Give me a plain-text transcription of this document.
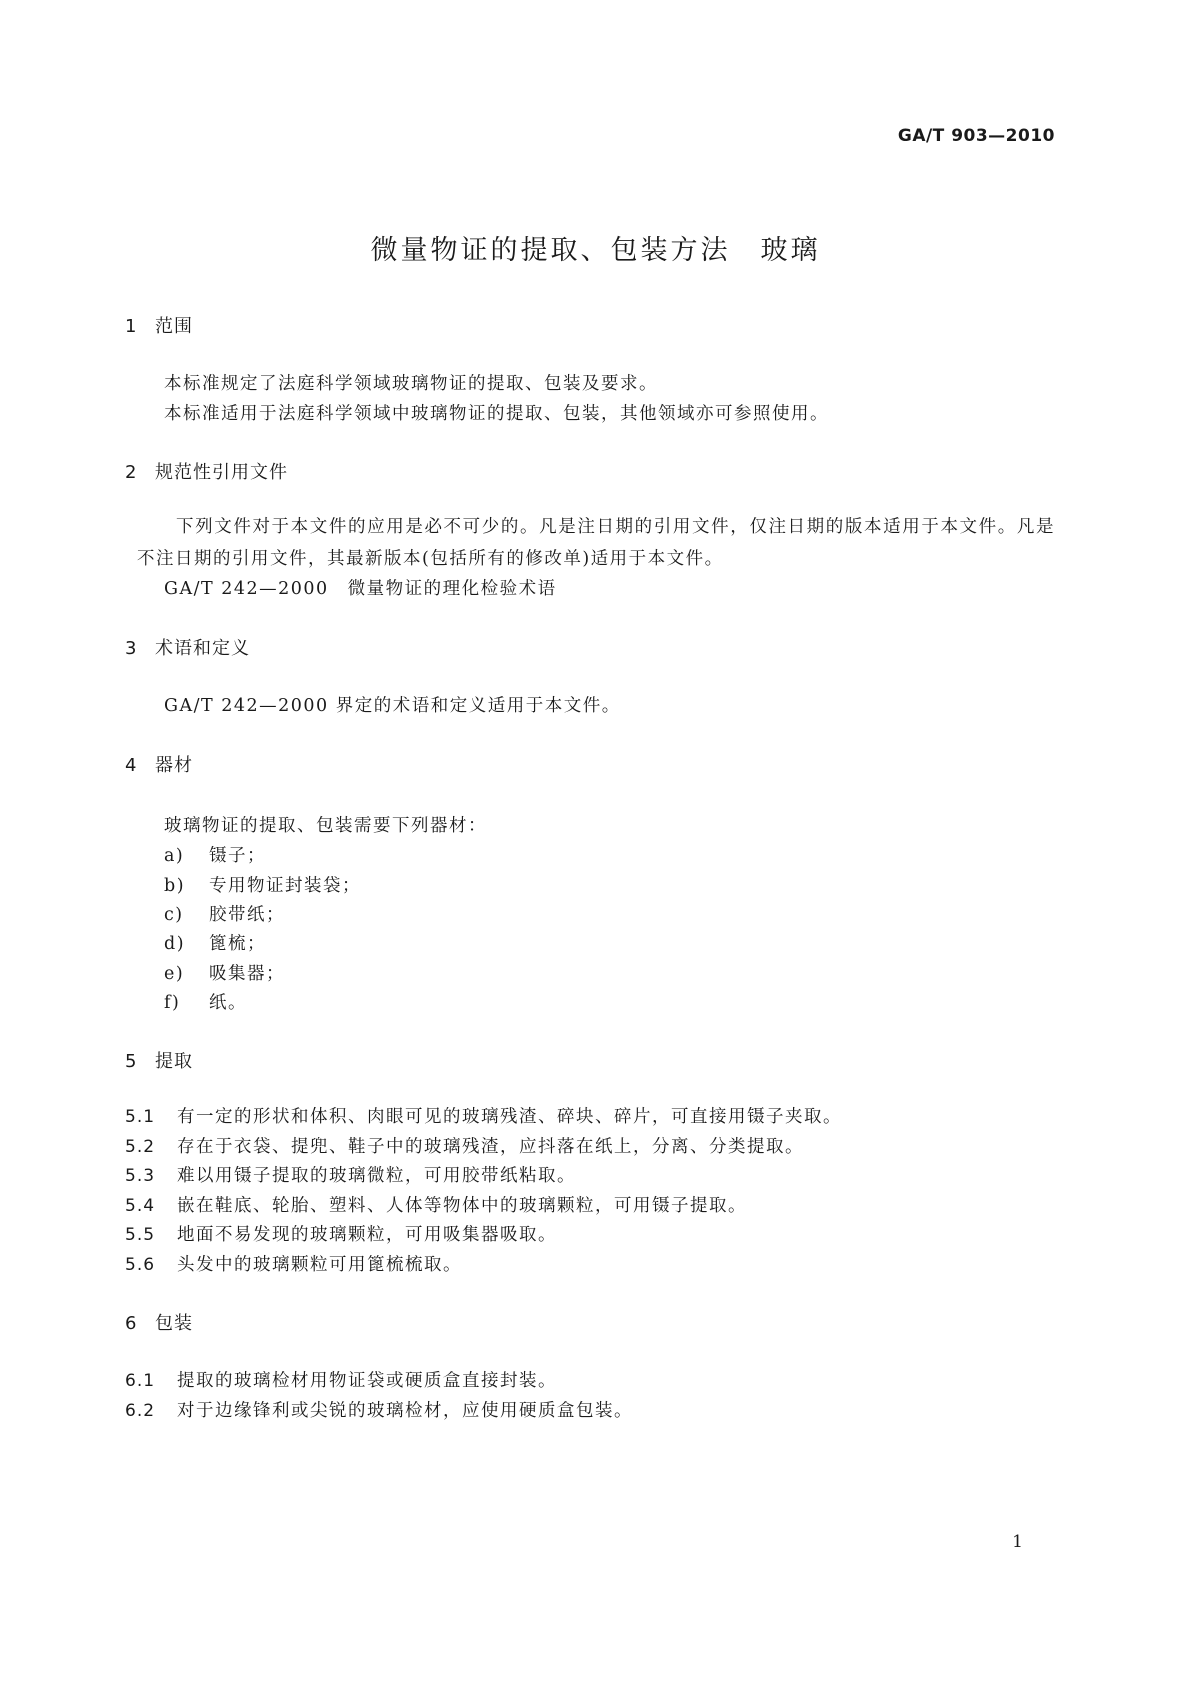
GA/T 903—2010
微量物证的提取、包装方法　玻璃
1 范围
本标准规定了法庭科学领域玻璃物证的提取、包装及要求。
本标准适用于法庭科学领域中玻璃物证的提取、包装，其他领域亦可参照使用。
2 规范性引用文件
下列文件对于本文件的应用是必不可少的。凡是注日期的引用文件，仅注日期的版本适用于本文件。凡是不注日期的引用文件，其最新版本(包括所有的修改单)适用于本文件。
GA/T 242—2000　微量物证的理化检验术语
3 术语和定义
GA/T 242—2000 界定的术语和定义适用于本文件。
4 器材
玻璃物证的提取、包装需要下列器材：
a) 镊子；
b) 专用物证封装袋；
c) 胶带纸；
d) 篦梳；
e) 吸集器；
f) 纸。
5 提取
5.1 有一定的形状和体积、肉眼可见的玻璃残渣、碎块、碎片，可直接用镊子夹取。
5.2 存在于衣袋、提兜、鞋子中的玻璃残渣，应抖落在纸上，分离、分类提取。
5.3 难以用镊子提取的玻璃微粒，可用胶带纸粘取。
5.4 嵌在鞋底、轮胎、塑料、人体等物体中的玻璃颗粒，可用镊子提取。
5.5 地面不易发现的玻璃颗粒，可用吸集器吸取。
5.6 头发中的玻璃颗粒可用篦梳梳取。
6 包装
6.1 提取的玻璃检材用物证袋或硬质盒直接封装。
6.2 对于边缘锋利或尖锐的玻璃检材，应使用硬质盒包装。
1
